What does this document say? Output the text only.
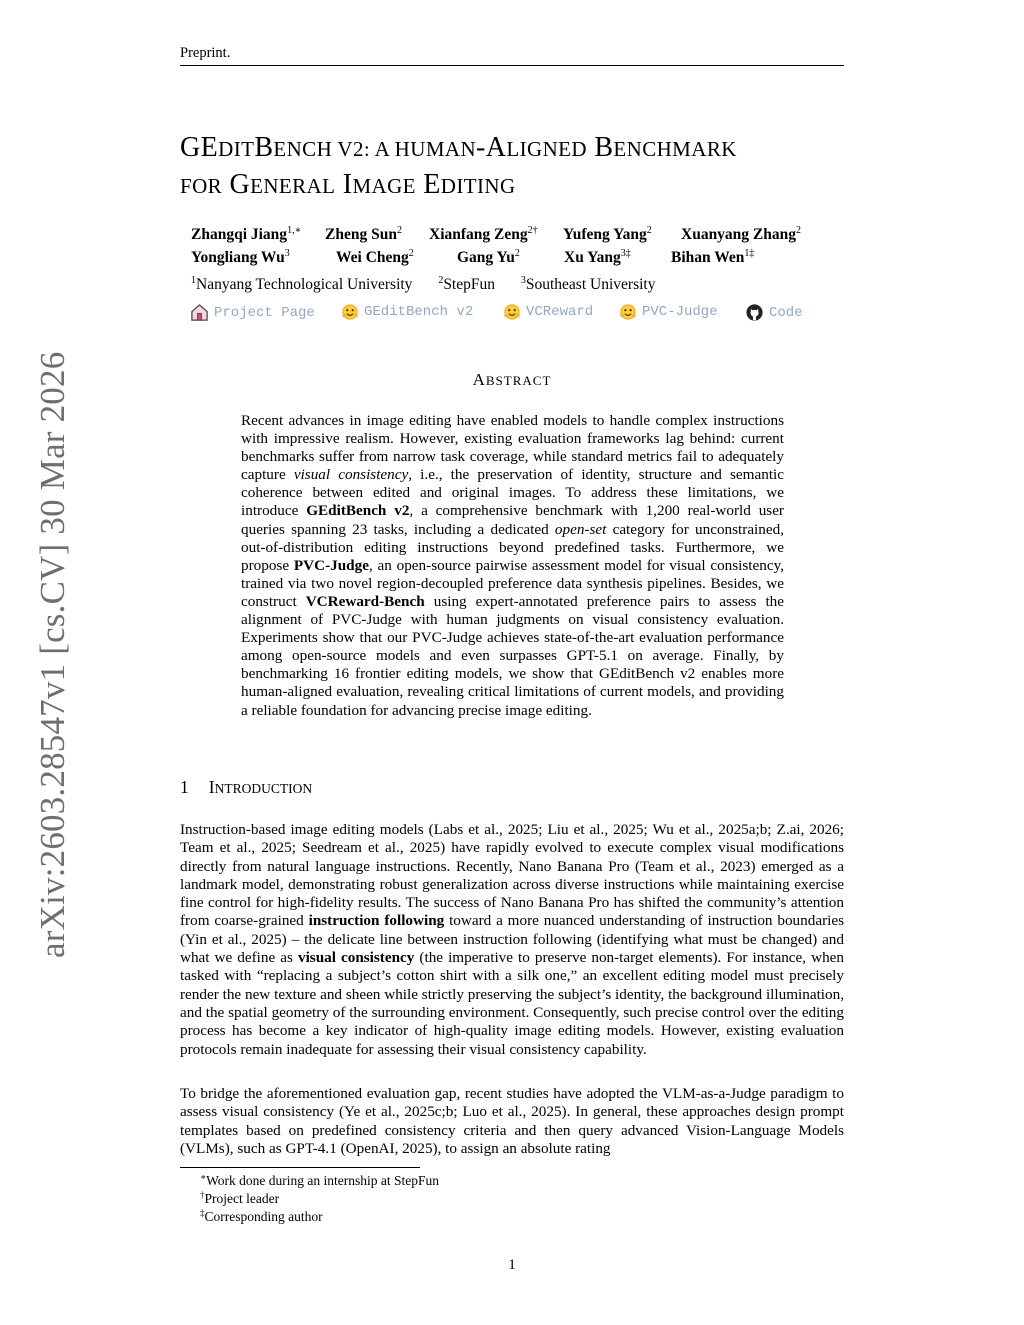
Preprint.
arXiv:2603.28547v1 [cs.CV] 30 Mar 2026
GEDITBENCH V2: A HUMAN-ALIGNED BENCHMARK
FOR GENERAL IMAGE EDITING
Zhangqi Jiang$^{1,∗}$ Zheng Sun$^2$ Xianfang Zeng$^{2\dagger}$ Yufeng Yang$^2$ Xuanyang Zhang$^2$
Yongliang Wu$^3$	Wei Cheng$^2$	Gang Yu$^2$	Xu Yang$^{3\ddagger}$	Bihan Wen$^{1\ddagger}$
$^1$Nanyang Technological University	$^2$StepFun	$^3$Southeast University
Project Page	GEditBench v2	VCReward	PVC-Judge	Code
ABSTRACT

Recent advances in image editing have enabled models to handle complex instructions with impressive realism. However, existing evaluation frameworks lag behind: current benchmarks suffer from narrow task coverage, while standard metrics fail to adequately capture visual consistency, i.e., the preservation of identity, structure and semantic coherence between edited and original images. To address these limitations, we introduce GEditBench v2, a comprehensive benchmark with 1,200 real-world user queries spanning 23 tasks, including a dedicated open-set category for unconstrained, out-of-distribution editing instructions beyond predefined tasks. Furthermore, we propose PVC-Judge, an open-source pairwise assessment model for visual consistency, trained via two novel region-decoupled preference data synthesis pipelines. Besides, we construct VCReward-Bench using expert-annotated preference pairs to assess the alignment of PVC-Judge with human judgments on visual consistency evaluation. Experiments show that our PVC-Judge achieves state-of-the-art evaluation performance among open-source models and even surpasses GPT-5.1 on average. Finally, by benchmarking 16 frontier editing models, we show that GEditBench v2 enables more human-aligned evaluation, revealing critical limitations of current models, and providing a reliable foundation for advancing precise image editing.

1 INTRODUCTION

Instruction-based image editing models (Labs et al., 2025; Liu et al., 2025; Wu et al., 2025a;b; Z.ai, 2026; Team et al., 2025; Seedream et al., 2025) have rapidly evolved to execute complex visual modifications directly from natural language instructions. Recently, Nano Banana Pro (Team et al., 2023) emerged as a landmark model, demonstrating robust generalization across diverse instructions while maintaining exercise fine control for high-fidelity results. The success of Nano Banana Pro has shifted the community’s attention from coarse-grained instruction following toward a more nuanced understanding of instruction boundaries (Yin et al., 2025) – the delicate line between instruction following (identifying what must be changed) and what we define as visual consistency (the imperative to preserve non-target elements). For instance, when tasked with “replacing a subject’s cotton shirt with a silk one,” an excellent editing model must precisely render the new texture and sheen while strictly preserving the subject’s identity, the background illumination, and the spatial geometry of the surrounding environment. Consequently, such precise control over the editing process has become a key indicator of high-quality image editing models. However, existing evaluation protocols remain inadequate for assessing their visual consistency capability.

To bridge the aforementioned evaluation gap, recent studies have adopted the VLM-as-a-Judge paradigm to assess visual consistency (Ye et al., 2025c;b; Luo et al., 2025). In general, these approaches design prompt templates based on predefined consistency criteria and then query advanced Vision-Language Models (VLMs), such as GPT-4.1 (OpenAI, 2025), to assign an absolute rating

∗Work done during an internship at StepFun
†Project leader
‡Corresponding author
1
